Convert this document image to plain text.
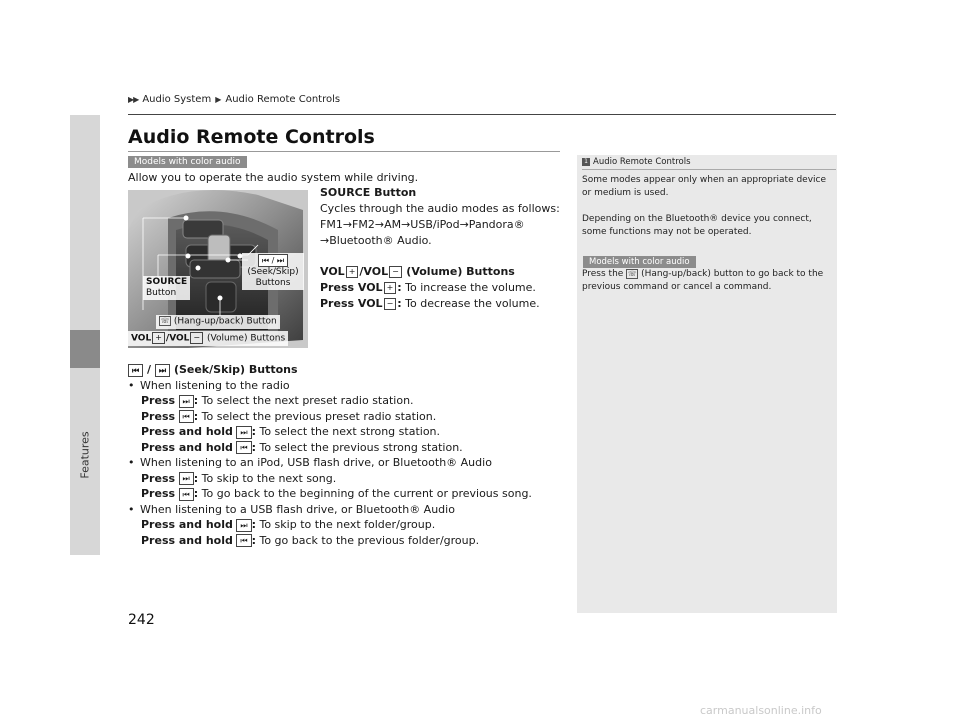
Features
▶▶ Audio System ▶ Audio Remote Controls
Audio Remote Controls
Models with color audio
Allow you to operate the audio system while driving.
SOURCE
Button
⏮ / ⏭
(Seek/Skip)
Buttons
☏ (Hang-up/back) Button
VOL + /VOL − (Volume) Buttons
SOURCE Button
Cycles through the audio modes as follows:
FM1→FM2→AM→USB/iPod→Pandora®
→Bluetooth® Audio.
VOL + /VOL − (Volume) Buttons
Press VOL + : To increase the volume.
Press VOL − : To decrease the volume.
⏮ / ⏭ (Seek/Skip) Buttons
• When listening to the radio
Press ⏭ : To select the next preset radio station.
Press ⏮ : To select the previous preset radio station.
Press and hold ⏭ : To select the next strong station.
Press and hold ⏮ : To select the previous strong station.
• When listening to an iPod, USB flash drive, or Bluetooth® Audio
Press ⏭ : To skip to the next song.
Press ⏮ : To go back to the beginning of the current or previous song.
• When listening to a USB flash drive, or Bluetooth® Audio
Press and hold ⏭ : To skip to the next folder/group.
Press and hold ⏮ : To go back to the previous folder/group.
1 Audio Remote Controls
Some modes appear only when an appropriate device or medium is used.
Depending on the Bluetooth® device you connect, some functions may not be operated.
Models with color audio
Press the ☏ (Hang-up/back) button to go back to the previous command or cancel a command.
242
carmanualsonline.info
